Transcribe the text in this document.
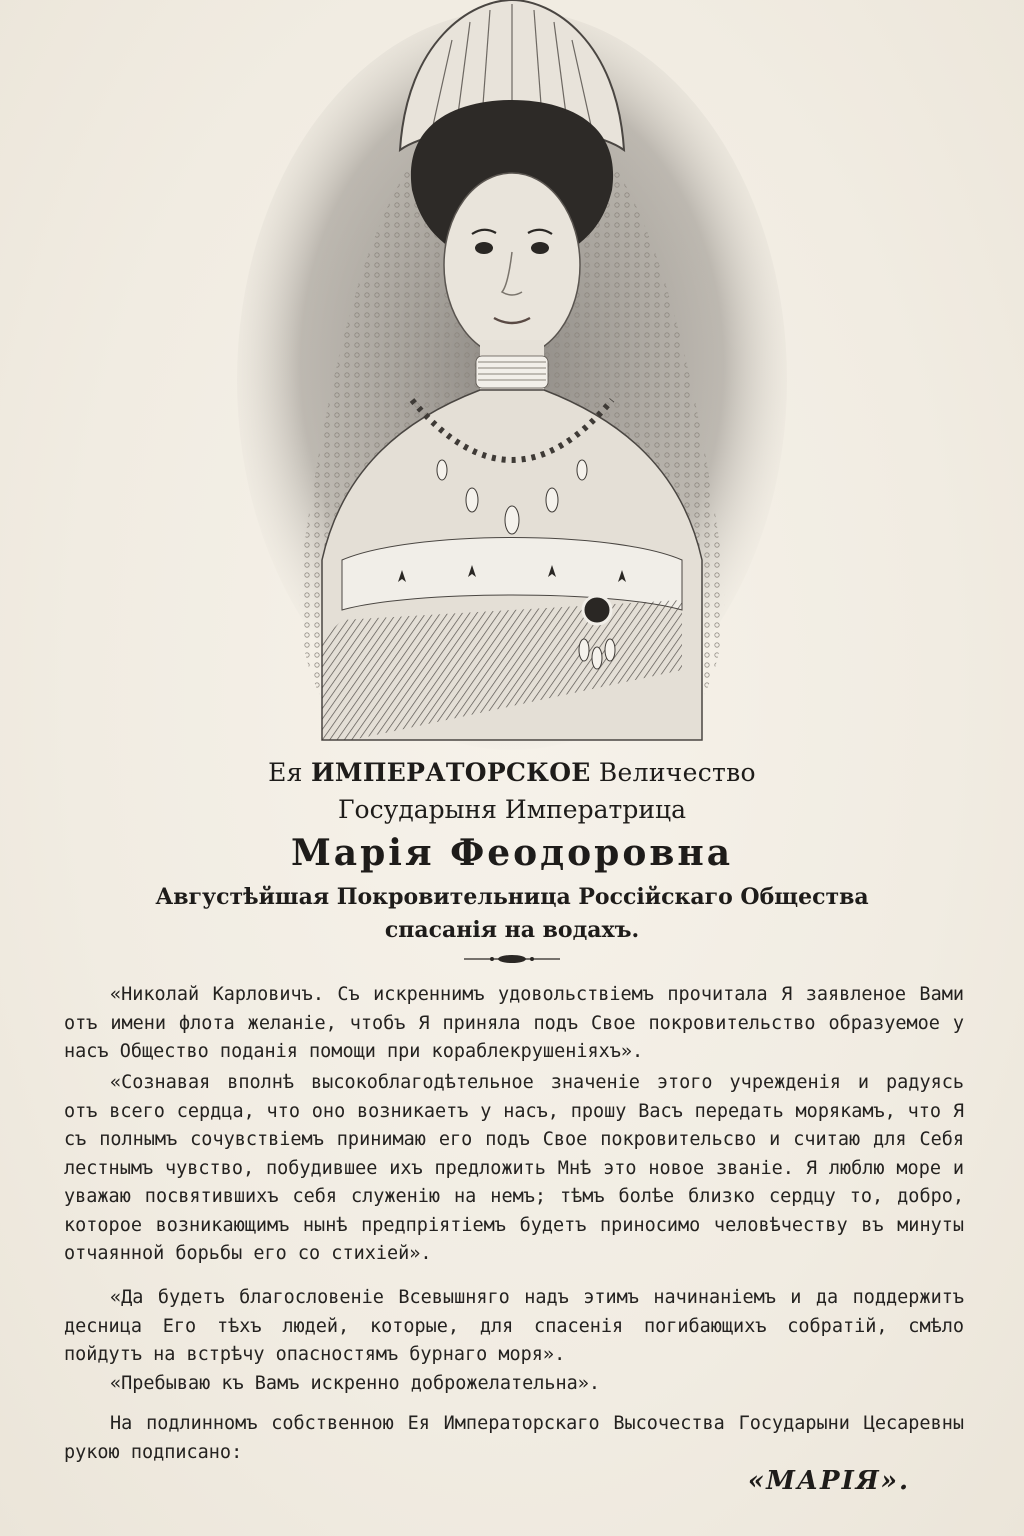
Ея ИМПЕРАТОРСКОЕ Величество
Государыня Императрица
Марія Феодоровна
Августѣйшая Покровительница Россійскаго Общества
спасанія на водахъ.
«Николай Карловичъ. Съ искреннимъ удовольствіемъ прочитала Я заявленое Вами отъ имени флота желаніе, чтобъ Я приняла подъ Свое покровительство образуемое у насъ Общество поданія помощи при кораблекрушеніяхъ».
«Сознавая вполнѣ высокоблагодѣтельное значеніе этого учрежденія и радуясь отъ всего сердца, что оно возникаетъ у насъ, прошу Васъ передать морякамъ, что Я съ полнымъ сочувствіемъ принимаю его подъ Свое покровительсво и считаю для Себя лестнымъ чувство, побудившее ихъ предложить Мнѣ это новое званіе. Я люблю море и уважаю посвятившихъ себя служенію на немъ; тѣмъ болѣе близко сердцу то, добро, которое возникающимъ нынѣ предпріятіемъ будетъ приносимо человѣчеству въ минуты отчаянной борьбы его со стихіей».
«Да будетъ благословеніе Всевышняго надъ этимъ начинаніемъ и да поддержитъ десница Его тѣхъ людей, которые, для спасенія погибающихъ собратій, смѣло пойдутъ на встрѣчу опасностямъ бурнаго моря».
«Пребываю къ Вамъ искренно доброжелательна».
На подлинномъ собственною Ея Императорскаго Высочества Государыни Цесаревны рукою подписано:
«МАРІЯ».
